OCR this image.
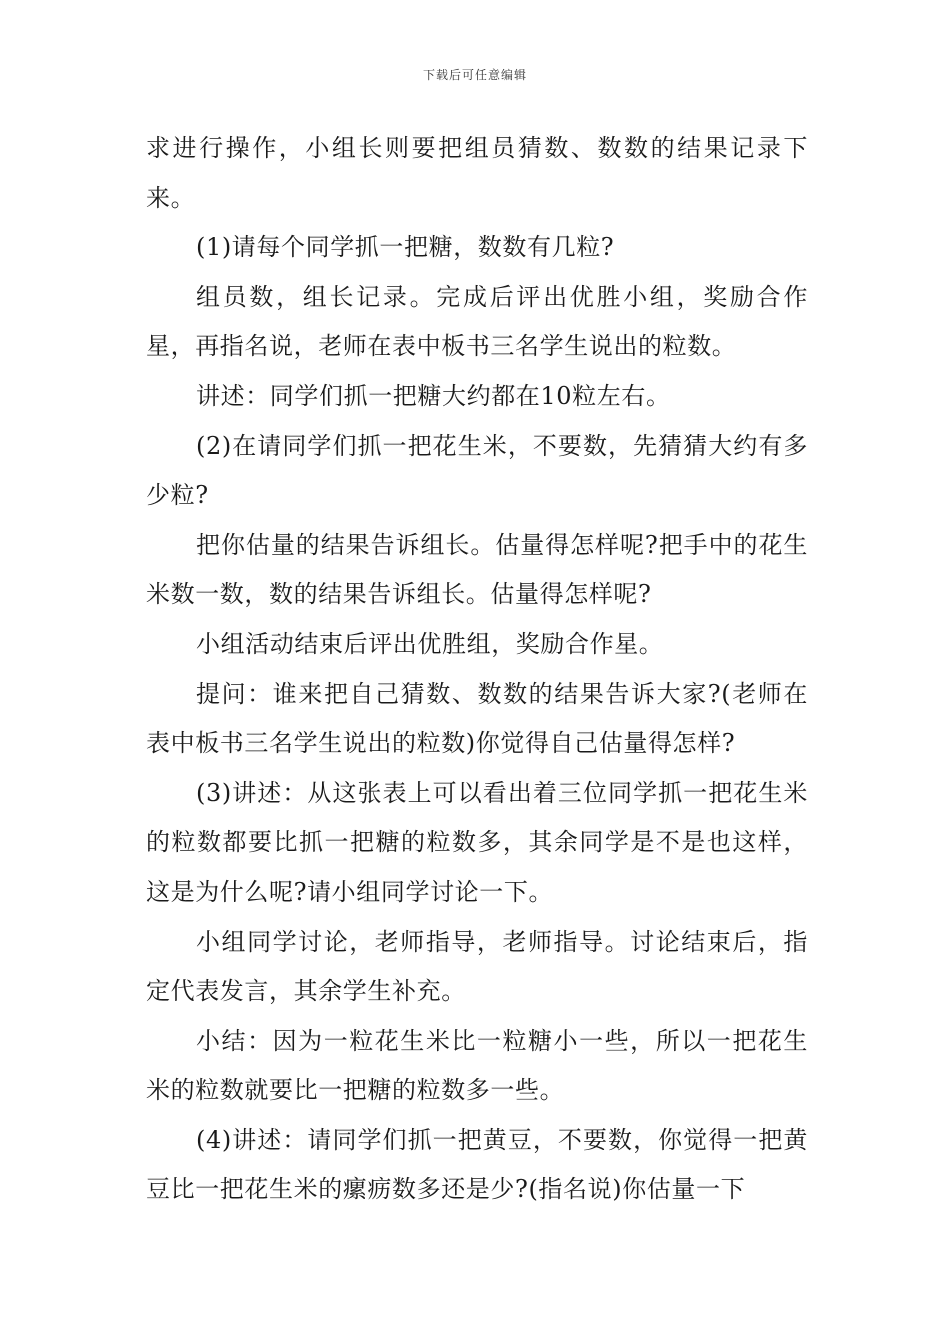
下载后可任意编辑

求进行操作，小组长则要把组员猜数、数数的结果记录下来。

(1)请每个同学抓一把糖，数数有几粒?

组员数，组长记录。完成后评出优胜小组，奖励合作星，再指名说，老师在表中板书三名学生说出的粒数。

讲述：同学们抓一把糖大约都在10粒左右。

(2)在请同学们抓一把花生米，不要数，先猜猜大约有多少粒?

把你估量的结果告诉组长。估量得怎样呢?把手中的花生米数一数，数的结果告诉组长。估量得怎样呢?

小组活动结束后评出优胜组，奖励合作星。

提问：谁来把自己猜数、数数的结果告诉大家?(老师在表中板书三名学生说出的粒数)你觉得自己估量得怎样?

(3)讲述：从这张表上可以看出着三位同学抓一把花生米的粒数都要比抓一把糖的粒数多，其余同学是不是也这样，这是为什么呢?请小组同学讨论一下。

小组同学讨论，老师指导，老师指导。讨论结束后，指定代表发言，其余学生补充。

小结：因为一粒花生米比一粒糖小一些，所以一把花生米的粒数就要比一把糖的粒数多一些。

(4)讲述：请同学们抓一把黄豆，不要数，你觉得一把黄豆比一把花生米的瘰疬数多还是少?(指名说)你估量一下
